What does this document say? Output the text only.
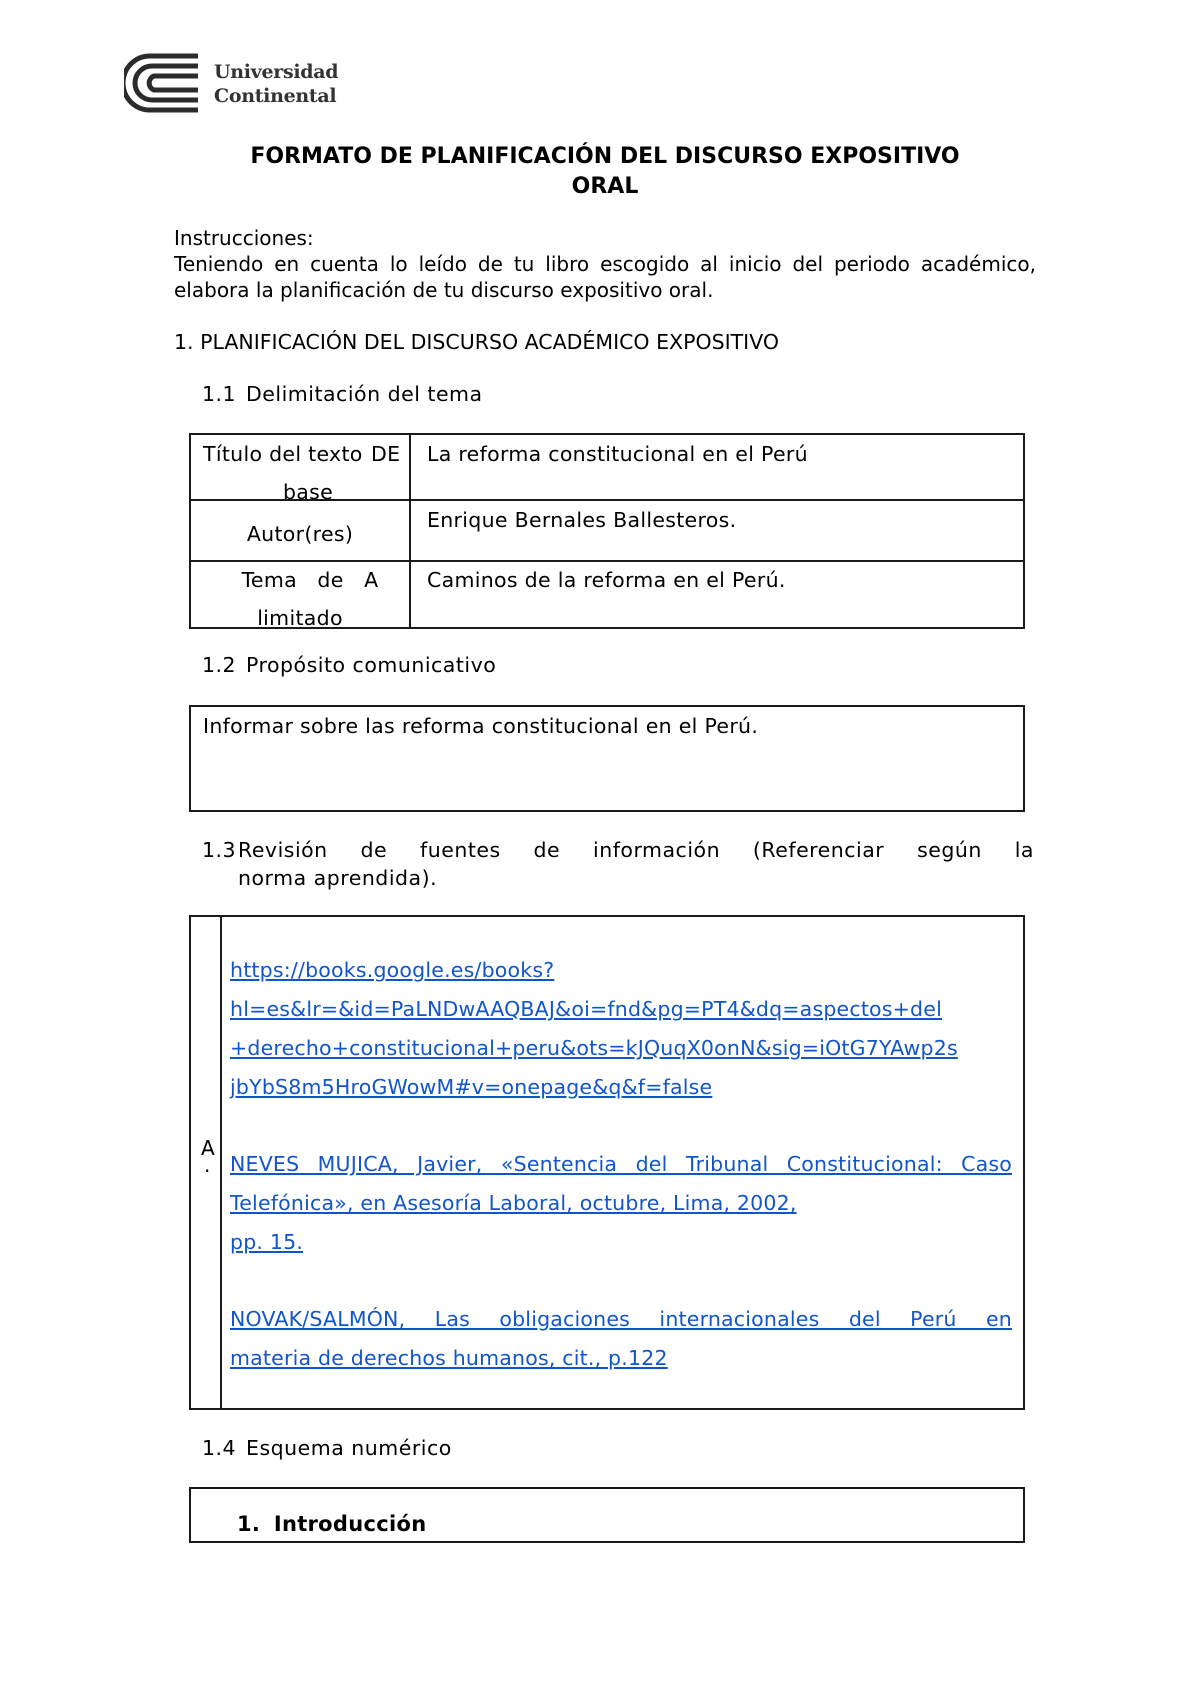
Universidad
Continental
FORMATO DE PLANIFICACIÓN DEL DISCURSO EXPOSITIVO
ORAL
Instrucciones:
Teniendo en cuenta lo leído de tu libro escogido al inicio del periodo académico, elabora la planificación de tu discurso expositivo oral.
1. PLANIFICACIÓN DEL DISCURSO ACADÉMICO EXPOSITIVO
1.1 Delimitación del tema
Título del texto
base
DE La reforma constitucional en el Perú
Autor(res)
Enrique Bernales Ballesteros.
Tema   de   A
limitado
Caminos de la reforma en el Perú.
1.2 Propósito comunicativo
Informar sobre las reforma constitucional en el Perú.
1.3Revisión de fuentes de información (Referenciar según la
norma aprendida).
A
.
https://books.google.es/books?
hl=es&lr=&id=PaLNDwAAQBAJ&oi=fnd&pg=PT4&dq=aspectos+del
+derecho+constitucional+peru&ots=kJQuqX0onN&sig=iOtG7YAwp2s
jbYbS8m5HroGWowM#v=onepage&q&f=false
NEVES MUJICA, Javier, «Sentencia del Tribunal Constitucional: Caso
Telefónica», en Asesoría Laboral, octubre, Lima, 2002,
pp. 15.
NOVAK/SALMÓN, Las obligaciones internacionales del Perú en
materia de derechos humanos, cit., p.122
1.4 Esquema numérico
1. Introducción
